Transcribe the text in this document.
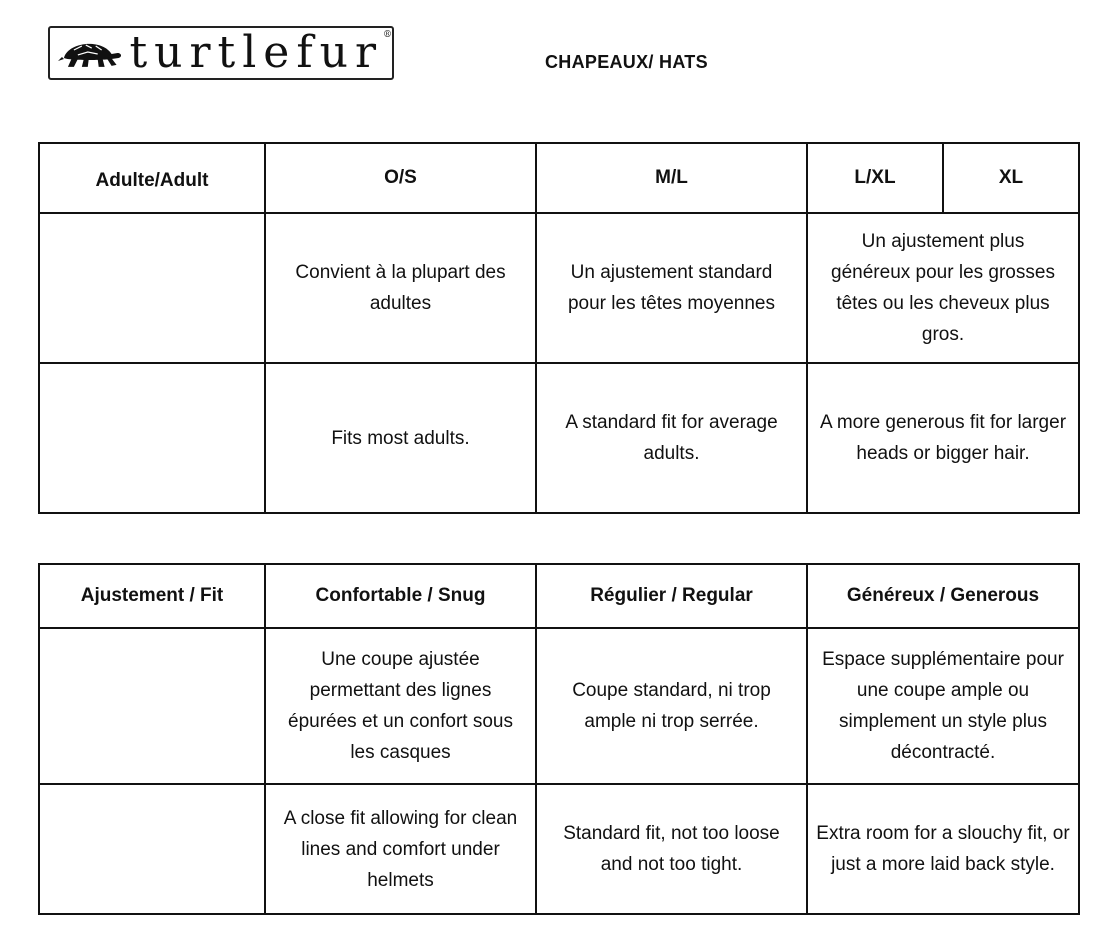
turtlefur®
CHAPEAUX/ HATS
Adulte/Adult	O/S	M/L	L/XL	XL
	Convient à la plupart des adultes	Un ajustement standard pour les têtes moyennes	Un ajustement plus généreux pour les grosses têtes ou les cheveux plus gros.	
	Fits most adults.	A standard fit for average adults.	A more generous fit for larger heads or bigger hair.	
Ajustement / Fit	Confortable / Snug	Régulier / Regular	Généreux / Generous
	Une coupe ajustée permettant des lignes épurées et un confort sous les casques	Coupe standard, ni trop ample ni trop serrée.	Espace supplémentaire pour une coupe ample ou simplement un style plus décontracté.
	A close fit allowing for clean lines and comfort under helmets	Standard fit, not too loose and not too tight.	Extra room for a slouchy fit, or just a more laid back style.
